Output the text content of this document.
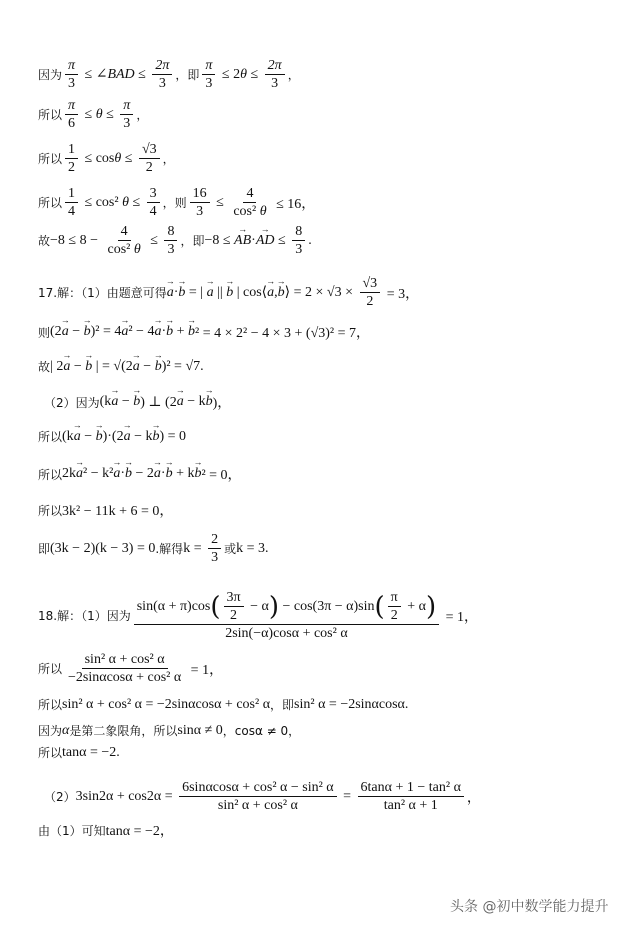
因为 $\frac{\pi}{3}$ ≤ ∠ BAD ≤ $\frac{2\pi}{3}$ ，即 $\frac{\pi}{3} \le 2$ $\theta \le \frac{2\pi}{3}$ ，
所以 $\frac{\pi}{6} \le \theta \le \frac{\pi}{3}$ ，
所以 $\frac{1}{2} \le \cos \theta \le \frac{√3}{2}$ ，
所以 $\frac{1}{4} \le \cos^2$ $\theta \le \frac{3}{4}$ ，则 $\frac{16}{3} \le \frac{4}{\text{cos² θ}} \le 16$，
故 $-8 \le 8 - \frac{4}{\text{cos² θ}} \le \frac{8}{3}$ ，即 −8 ≤ → AB · → AD ≤ $\frac{8}{3}$ .
17.解：（1）由题意可得 → a · → b = | → a || → b | cos⟨ → a , → b ⟩ = $2 \times √3 \times \frac{√3}{2} = 3$，
则 (2 → a − → b )² = 4 → a ² − 4 → a · → b + → b ² = 4 × 2² − 4 × 3 + (√3)² = 7，
故 | 2 → a − → b | = √(2 → a − → b )² = √7.
（2）因为 (k → a − → b ) ⊥ (2 → a − k → b )，
所以 (k → a − → b )·(2 → a − k → b ) = 0
所以 2k → a ² − k² → a · → b − 2 → a · → b + k → b ² = 0，
所以 3k² − 11k + 6 = 0，
即 (3k − 2)(k − 3) = 0 .解得 $k = \frac{2}{3}$ 或 k = 3.
18.解：（1）因为
sin(α + π)cos ( $\frac{3\pi}{2} - \alpha$ ) − cos(3π − α)sin ( $\frac{\pi}{2} + \alpha$ )
2sin(−α)cosα + cos² α
= 1，
所以 $\frac{\text{sin² α + cos² α}}{\text{−2sinαcosα + cos² α}} = 1$，
所以 sin² α + cos² α = −2sinαcosα + cos² α ，即 sin² α = −2sinαcosα .
因为 α 是第二象限角，所以 sinα ≠ 0 ，cosα ≠ 0，
所以 tanα = −2.
（2） $3\sin 2\alpha + \cos 2\alpha = \frac{\text{6sinαcosα + cos² α − sin² α}}{\text{sin² α + cos² α}} = \frac{\text{6tanα + 1 − tan² α}}{\text{tan² α + 1}}$ ，
由（1）可知 tanα = −2，
头条 @初中数学能力提升
